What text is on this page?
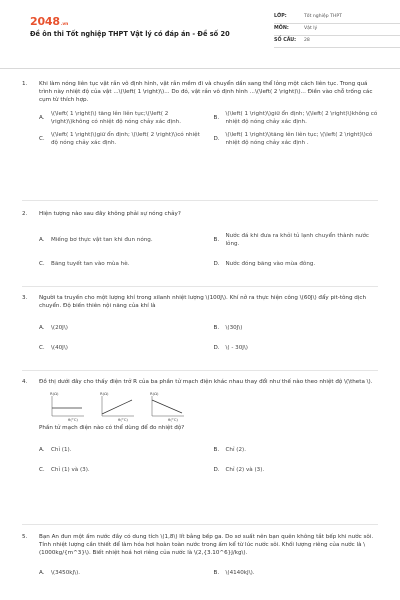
2048.vn
Đề ôn thi Tốt nghiệp THPT Vật lý có đáp án - Đề số 20
LỚP:	Tốt nghiệp THPT
MÔN:	Vật lý
SỐ CÂU:	28
1.	Khi làm nóng liên tục vật rắn vô định hình, vật rắn mềm đi và chuyển dần sang thể lỏng một cách liên tục. Trong quá trình này nhiệt độ của vật ...\(\left( 1 \right)\)... Do đó, vật rắn vô định hình ...\(\left( 2 \right)\)... Điền vào chỗ trống các cụm từ thích hợp.
A.
\(\left( 1 \right)\) tăng lên liên tục;\(\left( 2 \right)\)không có nhiệt độ nóng chảy xác định.
B.
\(\left( 1 \right)\)giữ ổn định; \(\left( 2 \right)\)không có nhiệt độ nóng chảy xác định.
C.
\(\left( 1 \right)\)giữ ổn định; \(\left( 2 \right)\)có nhiệt độ nóng chảy xác định.
D.
\(\left( 1 \right)\)tăng lên liên tục; \(\left( 2 \right)\)có nhiệt độ nóng chảy xác định .
2.	Hiện tượng nào sau đây không phải sự nóng chảy?
A.	Miếng bơ thực vật tan khi đun nóng.	B.
Nước đá khi đưa ra khỏi tủ lạnh chuyển thành nước lỏng.
C.	Băng tuyết tan vào mùa hè.	D.	Nước đóng băng vào mùa đông.
3.	Người ta truyền cho một lượng khí trong xilanh nhiệt lượng \(100J\). Khí nở ra thực hiện công \(60J\) đẩy pit-tông dịch chuyển. Độ biến thiên nội năng của khí là
A.	\(20J\)	B.	\(30J\)
C.	\(40J\)	D.	\( - 30J\)
4.	Đồ thị dưới đây cho thấy điện trở R của ba phần tử mạch điện khác nhau thay đổi như thế nào theo nhiệt độ \(\theta \).
R(Ω)
θ(°C)
R(Ω)
θ(°C)
R(Ω)
θ(°C)
Phần tử mạch điện nào có thể dùng để đo nhiệt độ?
A.	Chỉ (1).	B.	Chỉ (2).
C.	Chỉ (1) và (3).	D.	Chỉ (2) và (3).
5.	Bạn An đun một ấm nước đầy có dung tích \(1,8\) lít bằng bếp ga. Do sơ suất nên bạn quên không tắt bếp khi nước sôi. Tính nhiệt lượng cần thiết để làm hóa hơi hoàn toàn nước trong ấm kể từ lúc nước sôi. Khối lượng riêng của nước là \(1000kg/{m^3}\). Biết nhiệt hoá hơi riêng của nước là \(2,{3.10^6}J/kg\).
A.	\(3450kJ\).	B.	\(4140kJ\).
